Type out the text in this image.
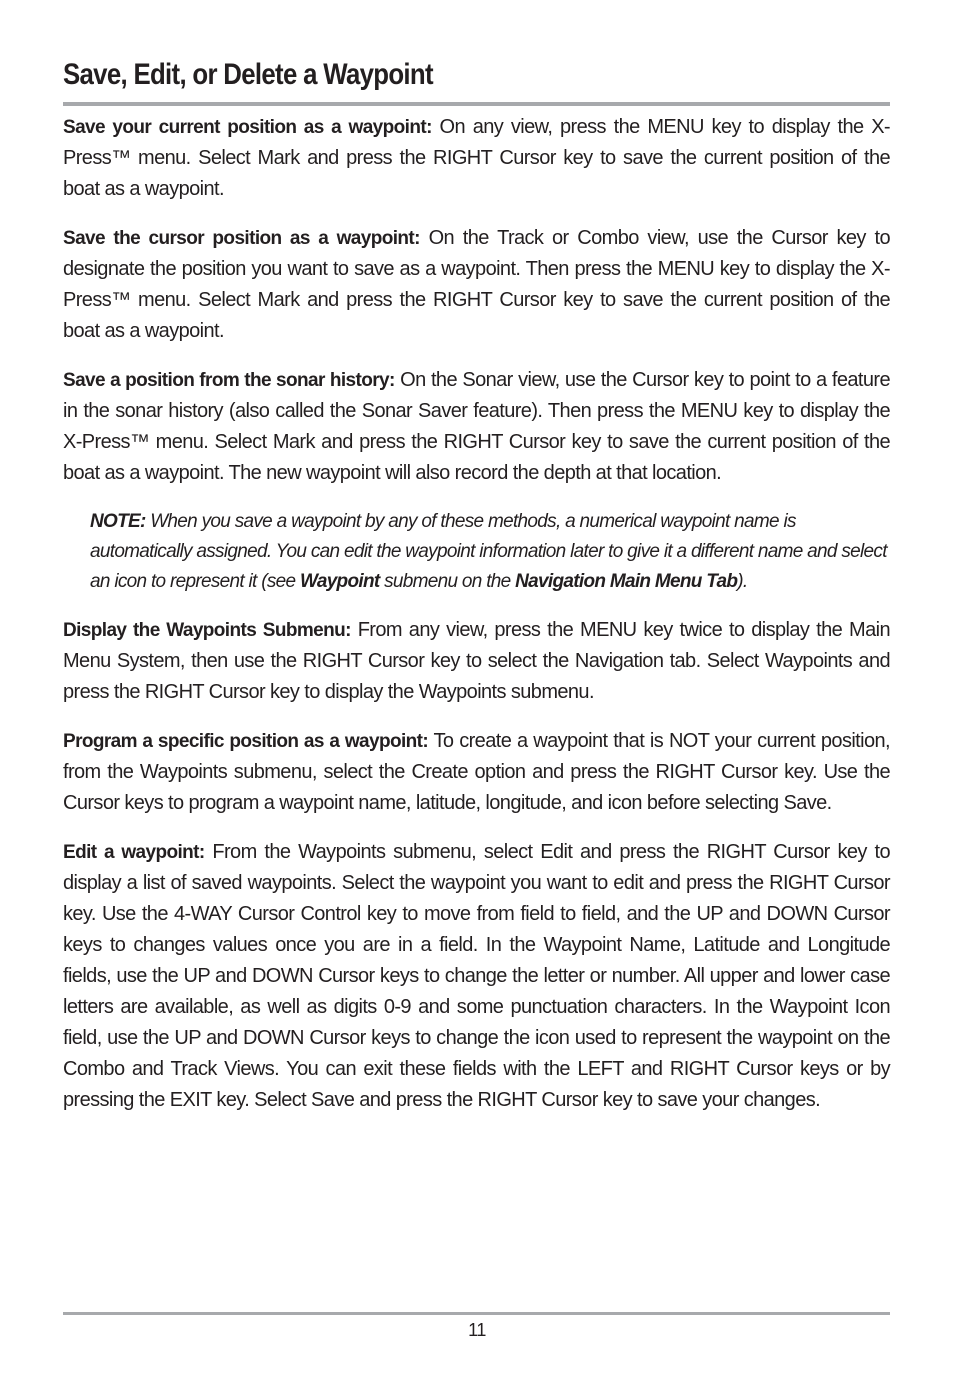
Save, Edit, or Delete a Waypoint

Save your current position as a waypoint: On any view, press the MENU key to display the X-Press™ menu. Select Mark and press the RIGHT Cursor key to save the current position of the boat as a waypoint.

Save the cursor position as a waypoint: On the Track or Combo view, use the Cursor key to designate the position you want to save as a waypoint. Then press the MENU key to display the X-Press™ menu. Select Mark and press the RIGHT Cursor key to save the current position of the boat as a waypoint.

Save a position from the sonar history: On the Sonar view, use the Cursor key to point to a feature in the sonar history (also called the Sonar Saver feature). Then press the MENU key to display the X-Press™ menu. Select Mark and press the RIGHT Cursor key to save the current position of the boat as a waypoint. The new waypoint will also record the depth at that location.

NOTE: When you save a waypoint by any of these methods, a numerical waypoint name is automatically assigned. You can edit the waypoint information later to give it a different name and select an icon to represent it (see Waypoint submenu on the Navigation Main Menu Tab).

Display the Waypoints Submenu: From any view, press the MENU key twice to display the Main Menu System, then use the RIGHT Cursor key to select the Navigation tab. Select Waypoints and press the RIGHT Cursor key to display the Waypoints submenu.

Program a specific position as a waypoint: To create a waypoint that is NOT your current position, from the Waypoints submenu, select the Create option and press the RIGHT Cursor key. Use the Cursor keys to program a waypoint name, latitude, longitude, and icon before selecting Save.

Edit a waypoint: From the Waypoints submenu, select Edit and press the RIGHT Cursor key to display a list of saved waypoints. Select the waypoint you want to edit and press the RIGHT Cursor key. Use the 4-WAY Cursor Control key to move from field to field, and the UP and DOWN Cursor keys to changes values once you are in a field. In the Waypoint Name, Latitude and Longitude fields, use the UP and DOWN Cursor keys to change the letter or number. All upper and lower case letters are available, as well as digits 0-9 and some punctuation characters. In the Waypoint Icon field, use the UP and DOWN Cursor keys to change the icon used to represent the waypoint on the Combo and Track Views. You can exit these fields with the LEFT and RIGHT Cursor keys or by pressing the EXIT key. Select Save and press the RIGHT Cursor key to save your changes.

11
